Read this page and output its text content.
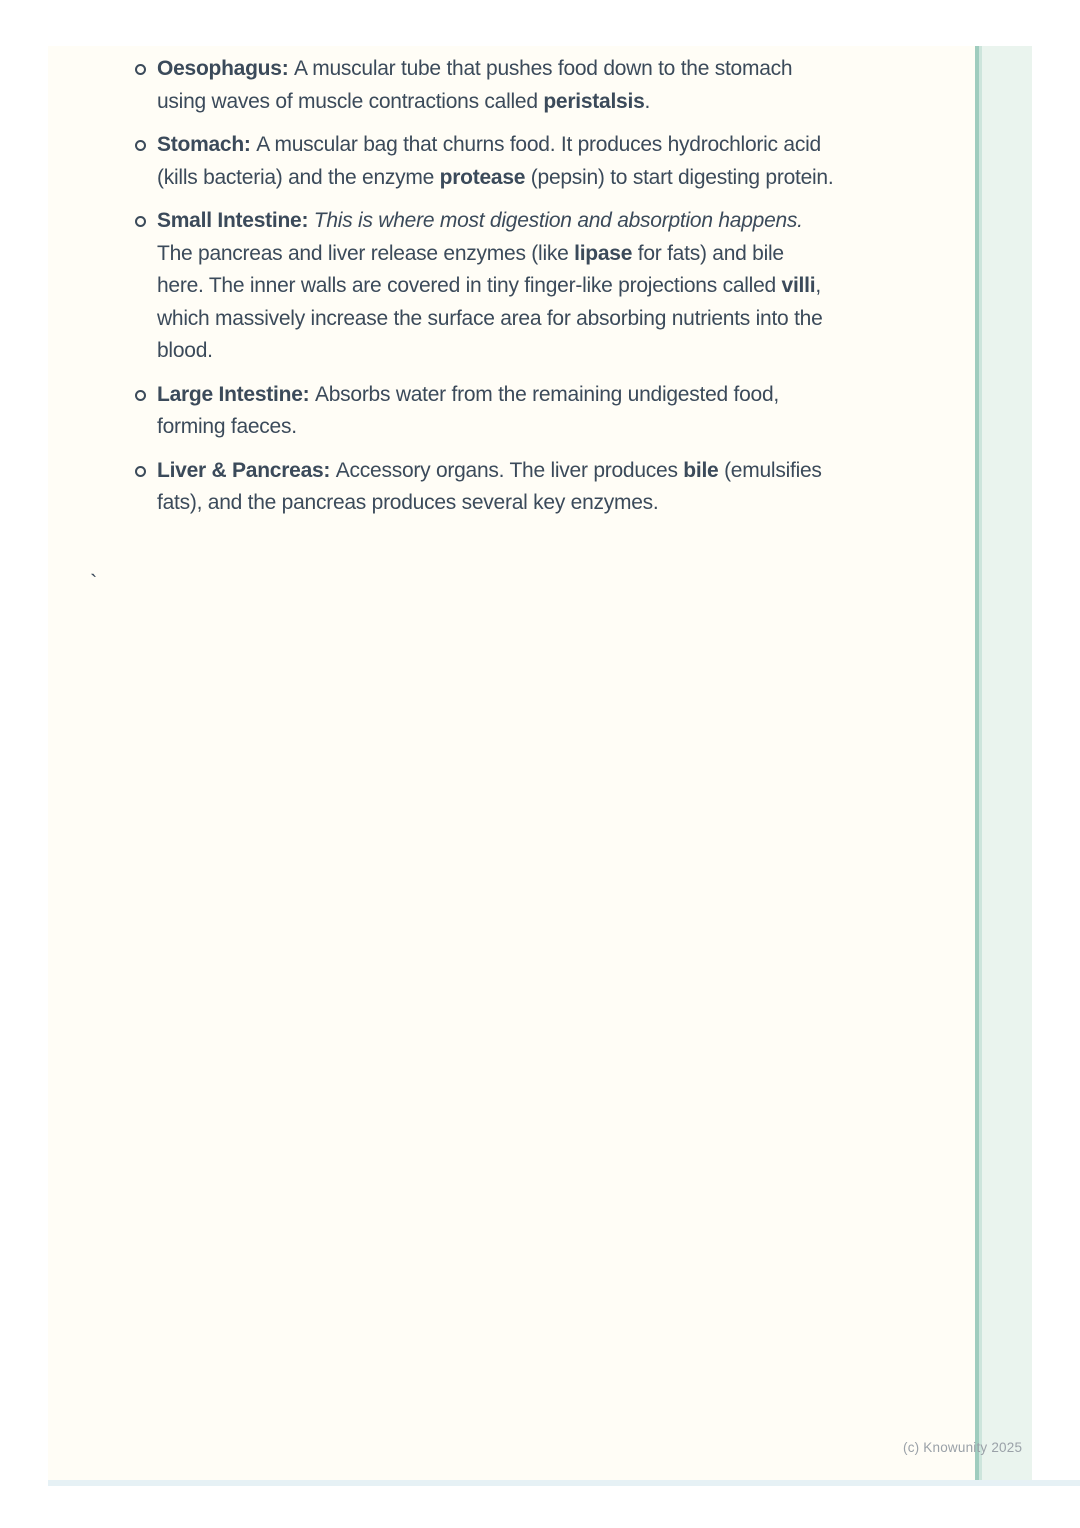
Oesophagus: A muscular tube that pushes food down to the stomach using waves of muscle contractions called peristalsis.
Stomach: A muscular bag that churns food. It produces hydrochloric acid (kills bacteria) and the enzyme protease (pepsin) to start digesting protein.
Small Intestine: This is where most digestion and absorption happens. The pancreas and liver release enzymes (like lipase for fats) and bile here. The inner walls are covered in tiny finger-like projections called villi, which massively increase the surface area for absorbing nutrients into the blood.
Large Intestine: Absorbs water from the remaining undigested food, forming faeces.
Liver & Pancreas: Accessory organs. The liver produces bile (emulsifies fats), and the pancreas produces several key enzymes.
`
(c) Knowunity 2025
